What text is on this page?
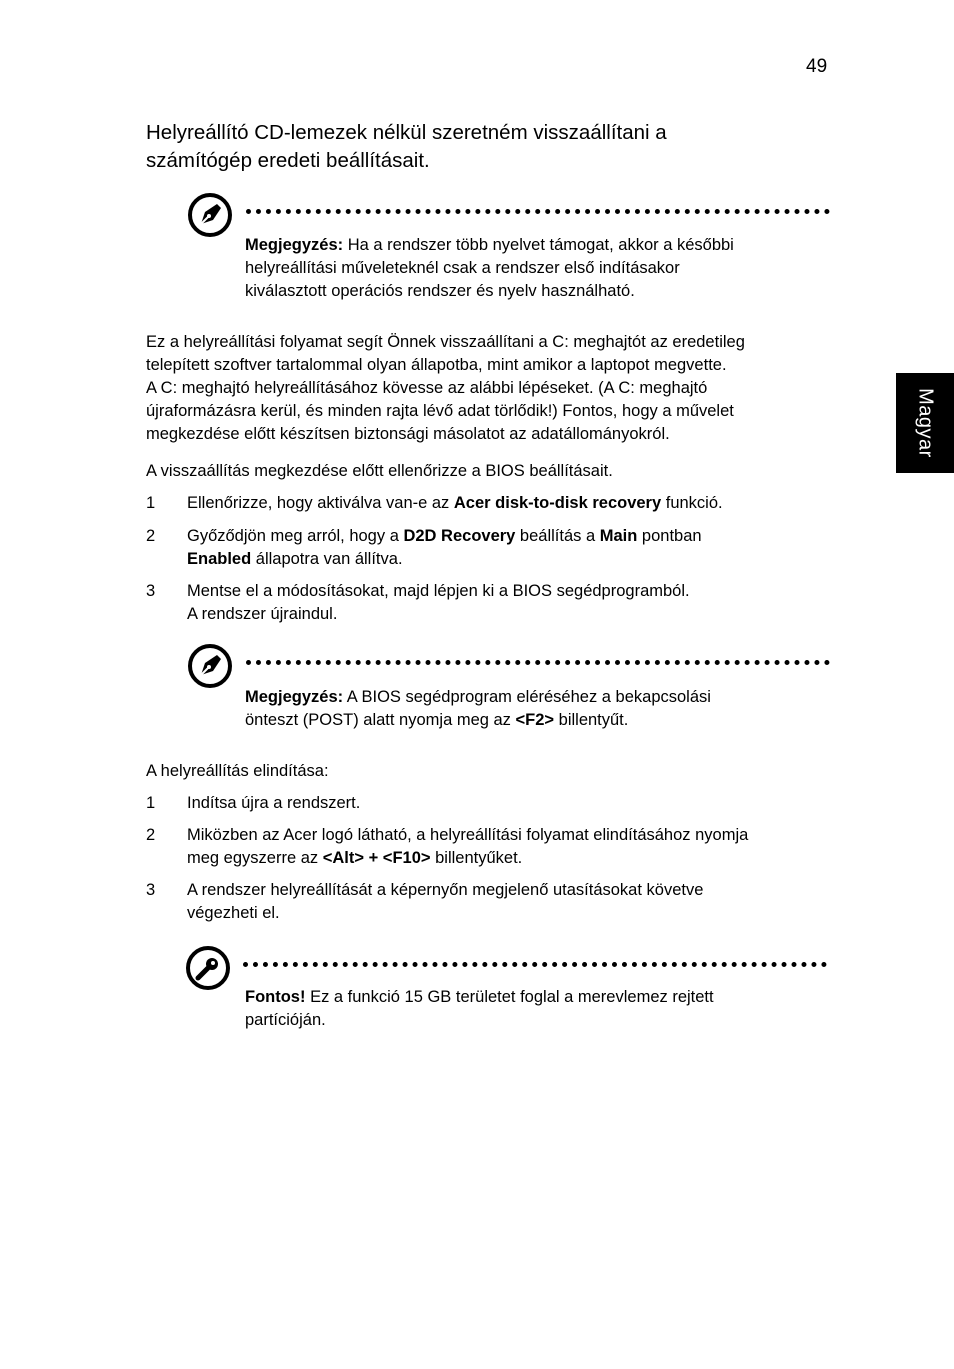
49
Magyar
Helyreállító CD-lemezek nélkül szeretném visszaállítani a
számítógép eredeti beállításait.
Megjegyzés: Ha a rendszer több nyelvet támogat, akkor a későbbi
helyreállítási műveleteknél csak a rendszer első indításakor
kiválasztott operációs rendszer és nyelv használható.
Ez a helyreállítási folyamat segít Önnek visszaállítani a C: meghajtót az eredetileg
telepített szoftver tartalommal olyan állapotba, mint amikor a laptopot megvette.
A C: meghajtó helyreállításához kövesse az alábbi lépéseket. (A C: meghajtó
újraformázásra kerül, és minden rajta lévő adat törlődik!) Fontos, hogy a művelet
megkezdése előtt készítsen biztonsági másolatot az adatállományokról.
A visszaállítás megkezdése előtt ellenőrizze a BIOS beállításait.
1 Ellenőrizze, hogy aktiválva van-e az Acer disk-to-disk recovery funkció.
2 Győződjön meg arról, hogy a D2D Recovery beállítás a Main pontban
Enabled állapotra van állítva.
3 Mentse el a módosításokat, majd lépjen ki a BIOS segédprogramból.
A rendszer újraindul.
Megjegyzés: A BIOS segédprogram eléréséhez a bekapcsolási
önteszt (POST) alatt nyomja meg az <F2> billentyűt.
A helyreállítás elindítása:
1 Indítsa újra a rendszert.
2 Miközben az Acer logó látható, a helyreállítási folyamat elindításához nyomja
meg egyszerre az <Alt> + <F10> billentyűket.
3 A rendszer helyreállítását a képernyőn megjelenő utasításokat követve
végezheti el.
Fontos! Ez a funkció 15 GB területet foglal a merevlemez rejtett
partícióján.
